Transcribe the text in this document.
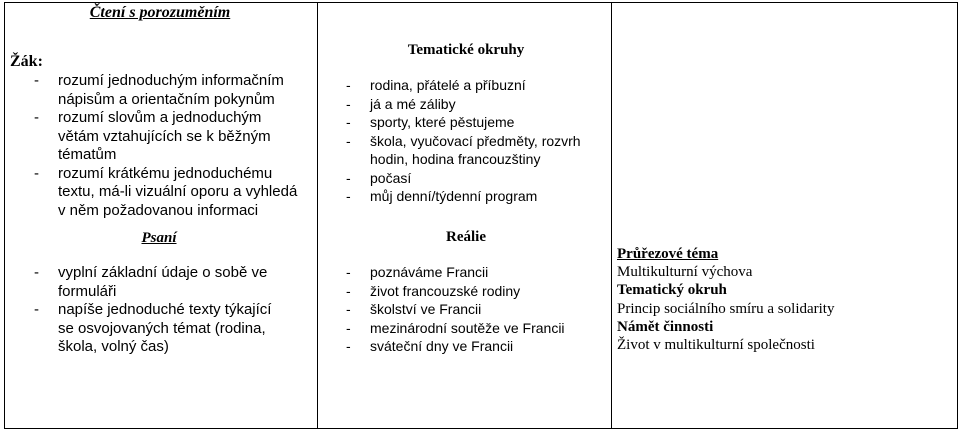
Čtení s porozuměním
Žák:
- rozumí jednoduchým informačním nápisům a orientačním pokynům
- rozumí slovům a jednoduchým větám vztahujících se k běžným tématům
- rozumí krátkému jednoduchému textu, má-li vizuální oporu a vyhledá v něm požadovanou informaci
Psaní
- vyplní základní údaje o sobě ve formuláři
- napíše jednoduché texty týkající se osvojovaných témat (rodina, škola, volný čas)
Tematické okruhy
- rodina, přátelé a příbuzní
- já a mé záliby
- sporty, které pěstujeme
- škola, vyučovací předměty, rozvrh hodin, hodina francouzštiny
- počasí
- můj denní/týdenní program
Reálie
- poznáváme Francii
- život francouzské rodiny
- školství ve Francii
- mezinárodní soutěže ve Francii
- sváteční dny ve Francii
Průřezové téma
Multikulturní výchova
Tematický okruh
Princip sociálního smíru a solidarity
Námět činnosti
Život v multikulturní společnosti
